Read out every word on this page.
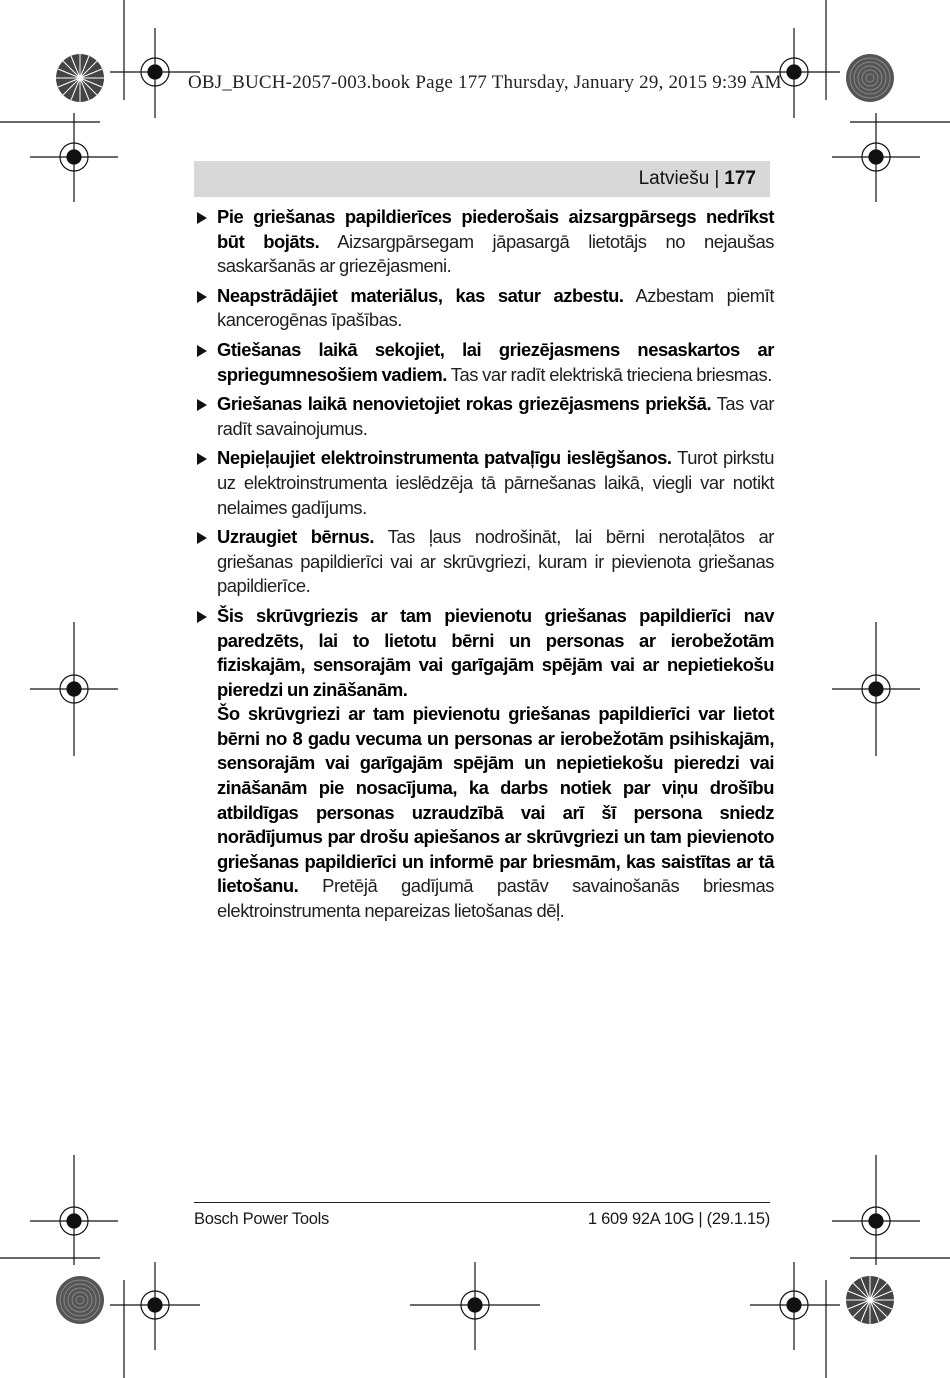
OBJ_BUCH-2057-003.book Page 177 Thursday, January 29, 2015 9:39 AM
Latviešu | 177

Pie griešanas papildierīces piederošais aizsargpārsegs nedrīkst būt bojāts. Aizsargpārsegam jāpasargā lietotājs no nejaušas saskaršanās ar griezējasmeni.

Neapstrādājiet materiālus, kas satur azbestu. Azbestam piemīt kancerogēnas īpašības.

Gtiešanas laikā sekojiet, lai griezējasmens nesaskartos ar spriegumnesošiem vadiem. Tas var radīt elektriskā trieciena briesmas.

Griešanas laikā nenovietojiet rokas griezējasmens priekšā. Tas var radīt savainojumus.

Nepieļaujiet elektroinstrumenta patvaļīgu ieslēgšanos. Turot pirkstu uz elektroinstrumenta ieslēdzēja tā pārnešanas laikā, viegli var notikt nelaimes gadījums.

Uzraugiet bērnus. Tas ļaus nodrošināt, lai bērni nerotaļātos ar griešanas papildierīci vai ar skrūvgriezi, kuram ir pievienota griešanas papildierīce.

Šis skrūvgriezis ar tam pievienotu griešanas papildierīci nav paredzēts, lai to lietotu bērni un personas ar ierobežotām fiziskajām, sensorajām vai garīgajām spējām vai ar nepietiekošu pieredzi un zināšanām.
Šo skrūvgriezi ar tam pievienotu griešanas papildierīci var lietot bērni no 8 gadu vecuma un personas ar ierobežotām psihiskajām, sensorajām vai garīgajām spējām un nepietiekošu pieredzi vai zināšanām pie nosacījuma, ka darbs notiek par viņu drošību atbildīgas personas uzraudzībā vai arī šī persona sniedz norādījumus par drošu apiešanos ar skrūvgriezi un tam pievienoto griešanas papildierīci un informē par briesmām, kas saistītas ar tā lietošanu. Pretējā gadījumā pastāv savainošanās briesmas elektroinstrumenta nepareizas lietošanas dēļ.

Bosch Power Tools	1 609 92A 10G | (29.1.15)
